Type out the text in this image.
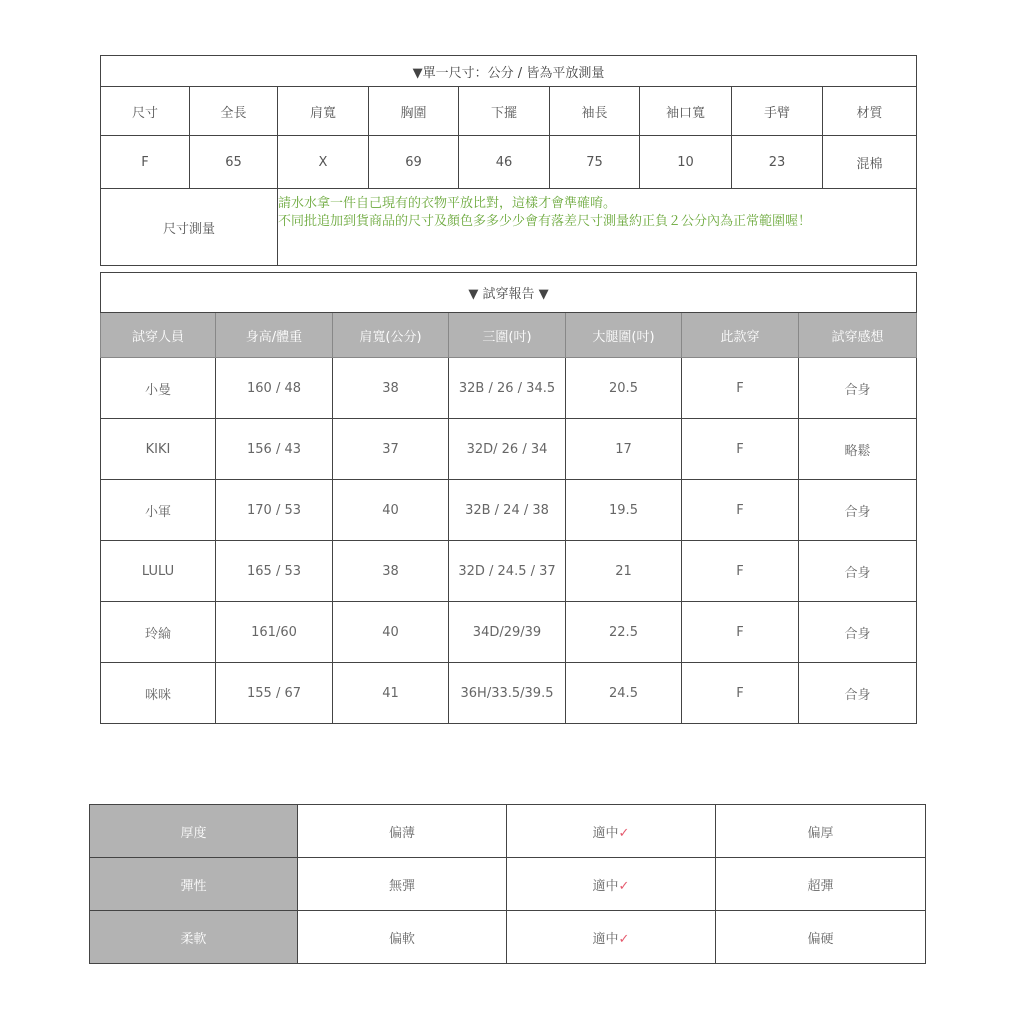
▼單一尺寸：公分 / 皆為平放測量								
尺寸	全長	肩寬	胸圍	下擺	袖長	袖口寬	手臂	材質
F	65	X	69	46	75	10	23	混棉
尺寸測量		請水水拿一件自己現有的衣物平放比對，這樣才會準確唷。
不同批追加到貨商品的尺寸及顏色多多少少會有落差尺寸測量約正負２公分內為正常範圍喔！						
▼ 試穿報告 ▼						
試穿人員	身高/體重	肩寬(公分)	三圍(吋)	大腿圍(吋)	此款穿	試穿感想
小曼	160 / 48	38	32B / 26 / 34.5	20.5	F	合身
KIKI	156 / 43	37	32D/ 26 / 34	17	F	略鬆
小軍	170 / 53	40	32B / 24 / 38	19.5	F	合身
LULU	165 / 53	38	32D / 24.5 / 37	21	F	合身
玲綸	161/60	40	34D/29/39	22.5	F	合身
咪咪	155 / 67	41	36H/33.5/39.5	24.5	F	合身
厚度	偏薄	適中✓	偏厚
彈性	無彈	適中✓	超彈
柔軟	偏軟	適中✓	偏硬
